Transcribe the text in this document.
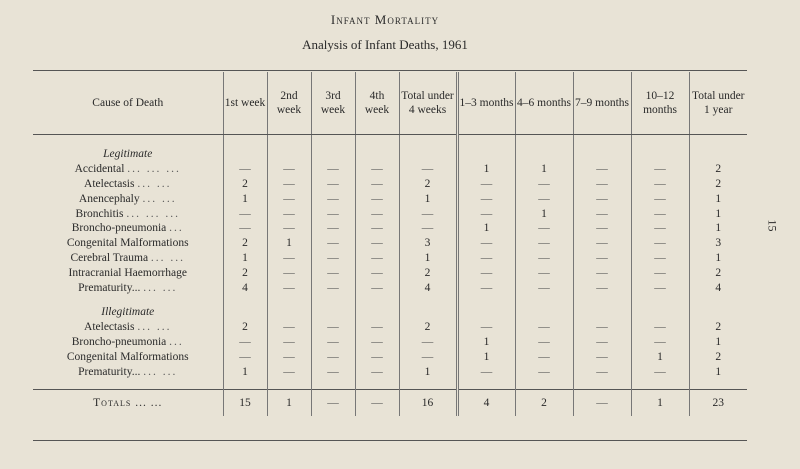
Infant Mortality
Analysis of Infant Deaths, 1961
15
Cause of Death	1st week	2nd week	3rd week	4th week	Total under 4 weeks	1–3 months	4–6 months	7–9 months	10–12 months	Total under 1 year

Legitimate										
Accidental ... ... ...	—	—	—	—	—	1	1	—	—	2
Atelectasis ... ...	2	—	—	—	2	—	—	—	—	2
Anencephaly ... ...	1	—	—	—	1	—	—	—	—	1
Bronchitis ... ... ...	—	—	—	—	—	—	1	—	—	1
Broncho-pneumonia ...	—	—	—	—	—	1	—	—	—	1
Congenital Malformations	2	1	—	—	3	—	—	—	—	3
Cerebral Trauma ... ...	1	—	—	—	1	—	—	—	—	1
Intracranial Haemorrhage	2	—	—	—	2	—	—	—	—	2
Prematurity... ... ...	4	—	—	—	4	—	—	—	—	4

Illegitimate										
Atelectasis ... ...	2	—	—	—	2	—	—	—	—	2
Broncho-pneumonia ...	—	—	—	—	—	1	—	—	—	1
Congenital Malformations	—	—	—	—	—	1	—	—	1	2
Prematurity... ... ...	1	—	—	—	1	—	—	—	—	1

Totals ... ...	15	1	—	—	16	4	2	—	1	23
